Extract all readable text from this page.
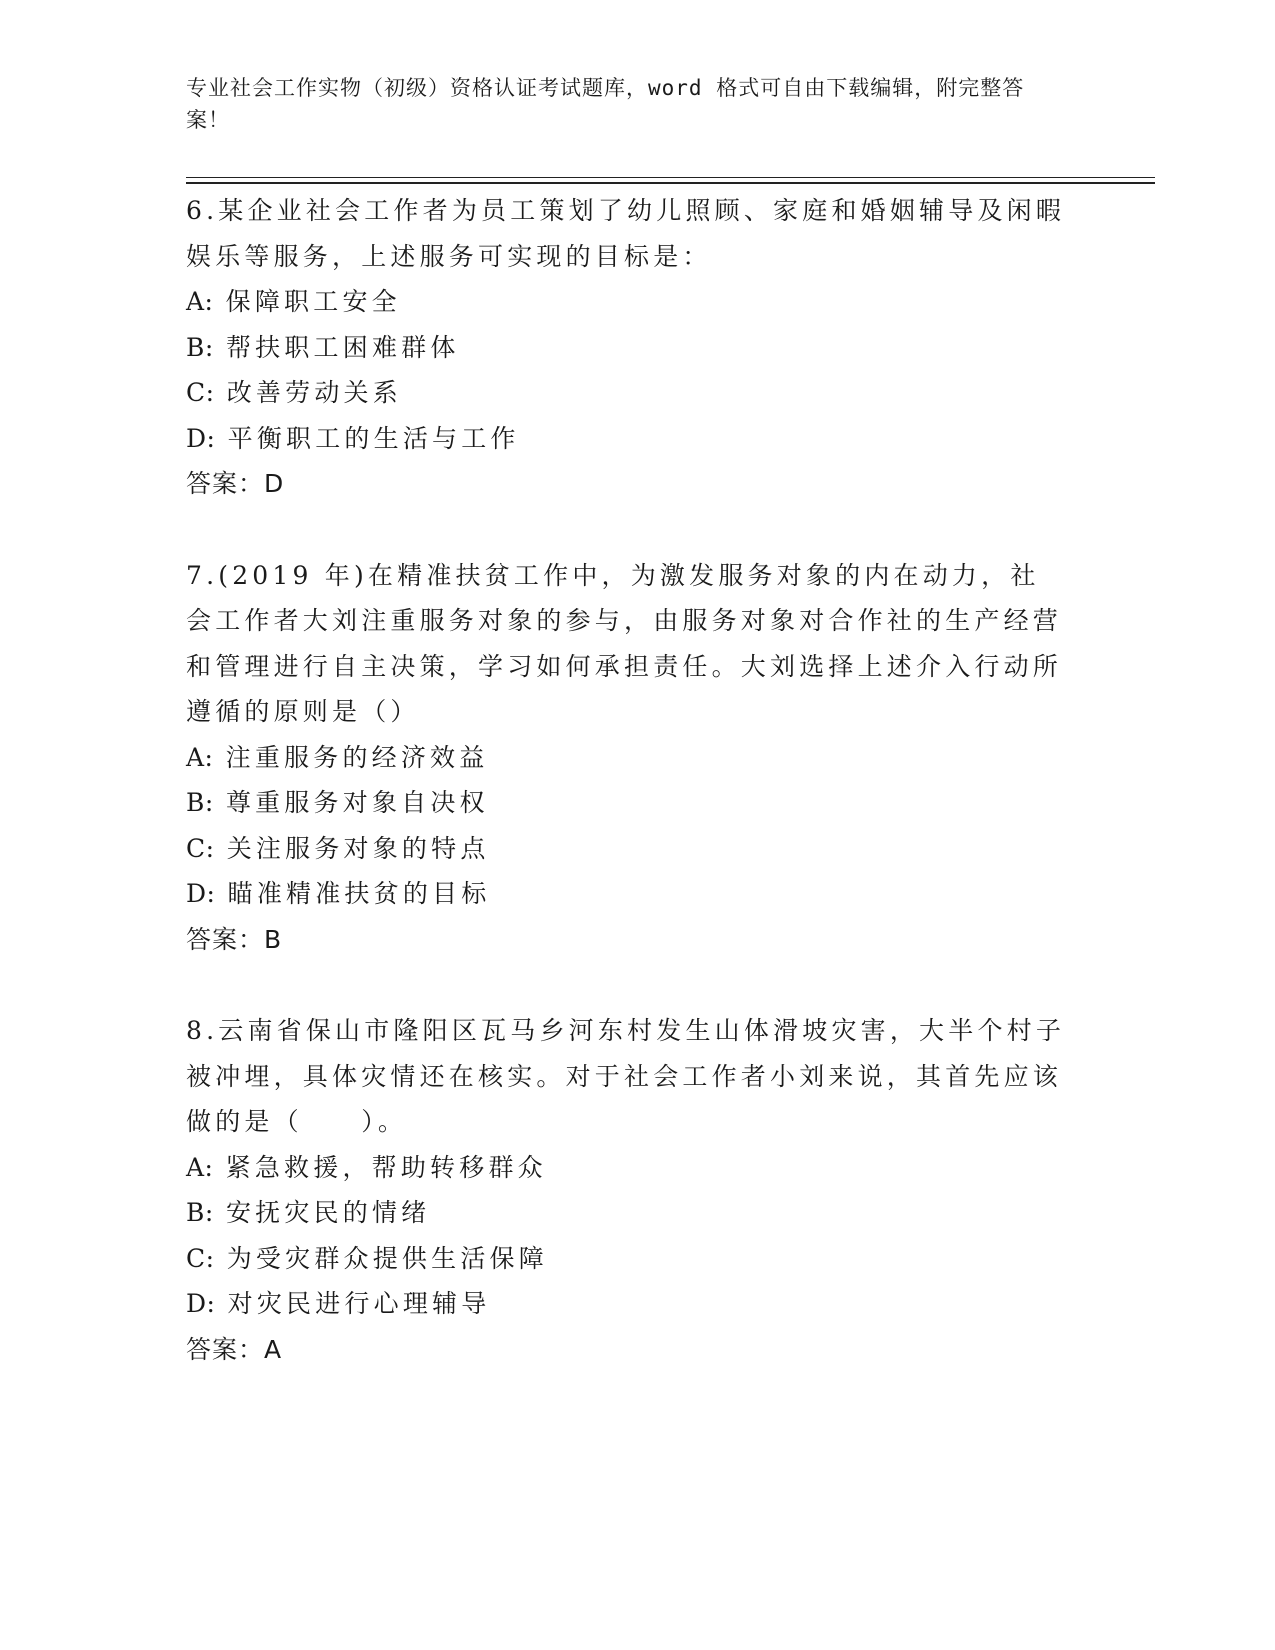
专业社会工作实物（初级）资格认证考试题库，word 格式可自由下载编辑，附完整答案！
6.某企业社会工作者为员工策划了幼儿照顾、家庭和婚姻辅导及闲暇娱乐等服务，上述服务可实现的目标是：
A: 保障职工安全
B: 帮扶职工困难群体
C: 改善劳动关系
D: 平衡职工的生活与工作
答案：D
7.(2019 年)在精准扶贫工作中，为激发服务对象的内在动力，社会工作者大刘注重服务对象的参与，由服务对象对合作社的生产经营和管理进行自主决策，学习如何承担责任。大刘选择上述介入行动所遵循的原则是（）
A: 注重服务的经济效益
B: 尊重服务对象自决权
C: 关注服务对象的特点
D: 瞄准精准扶贫的目标
答案：B
8.云南省保山市隆阳区瓦马乡河东村发生山体滑坡灾害，大半个村子被冲埋，具体灾情还在核实。对于社会工作者小刘来说，其首先应该做的是（　　）。
A: 紧急救援，帮助转移群众
B: 安抚灾民的情绪
C: 为受灾群众提供生活保障
D: 对灾民进行心理辅导
答案：A
